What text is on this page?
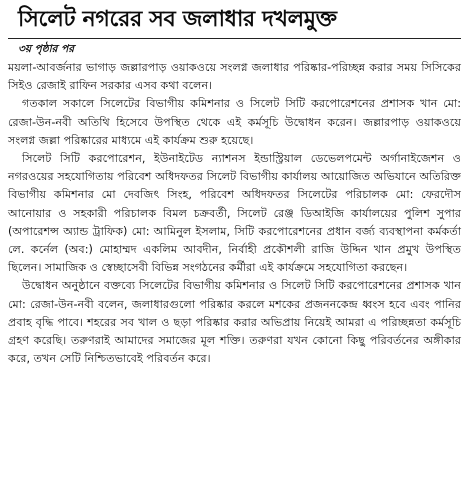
সিলেট নগরের সব জলাধার দখলমুক্ত
৩য় পৃষ্ঠার পর

ময়লা-আবর্জনার ভাগাড় জল্লারপাড় ওয়াকওয়ে সংলগ্ন জলাধার পরিষ্কার-পরিচ্ছন্ন করার সময় সিসিকের সিইও রেজাই রাফিন সরকার এসব কথা বলেন।

গতকাল সকালে সিলেটের বিভাগীয় কমিশনার ও সিলেট সিটি করপোরেশনের প্রশাসক খান মো: রেজা-উন-নবী অতিথি হিসেবে উপস্থিত থেকে এই কর্মসূচি উদ্বোধন করেন। জল্লারপাড় ওয়াকওয়ে সংলগ্ন জল্লা পরিষ্কারের মাধ্যমে এই কার্যক্রম শুরু হয়েছে।

সিলেট সিটি করপোরেশন, ইউনাইটেড ন্যাশনস ইন্ডাস্ট্রিয়াল ডেভেলপমেন্ট অর্গানাইজেশন ও নগরওয়ের সহযোগিতায় পরিবেশ অধিদফতর সিলেট বিভাগীয় কার্যালয় আয়োজিত অভিযানে অতিরিক্ত বিভাগীয় কমিশনার মো দেবজিৎ সিংহ, পরিবেশ অধিদফতর সিলেটের পরিচালক মো: ফেরদৌস আনোয়ার ও সহকারী পরিচালক বিমল চক্রবর্তী, সিলেট রেঞ্জ ডিআইজি কার্যালয়ের পুলিশ সুপার (অপারেশন্স অ্যান্ড ট্রাফিক) মো: আমিনুল ইসলাম, সিটি করপোরেশনের প্রধান বর্জ্য ব্যবস্থাপনা কর্মকর্তা লে. কর্নেল (অব:) মোহাম্মদ একলিম আবদীন, নির্বাহী প্রকৌশলী রাজি উদ্দিন খান প্রমুখ উপস্থিত ছিলেন। সামাজিক ও স্বেচ্ছাসেবী বিভিন্ন সংগঠনের কর্মীরা এই কার্যক্রমে সহযোগিতা করছেন।

উদ্বোধন অনুষ্ঠানে বক্তব্যে সিলেটের বিভাগীয় কমিশনার ও সিলেট সিটি করপোরেশনের প্রশাসক খান মো: রেজা-উন-নবী বলেন, জলাধারগুলো পরিষ্কার করলে মশকের প্রজননকেন্দ্র ধ্বংস হবে এবং পানির প্রবাহ বৃদ্ধি পাবে। শহরের সব খাল ও ছড়া পরিষ্কার করার অভিপ্রায় নিয়েই আমরা এ পরিচ্ছন্নতা কর্মসূচি গ্রহণ করেছি। তরুণরাই আমাদের সমাজের মূল শক্তি। তরুণরা যখন কোনো কিছু পরিবর্তনের অঙ্গীকার করে, তখন সেটি নিশ্চিতভাবেই পরিবর্তন করে।
